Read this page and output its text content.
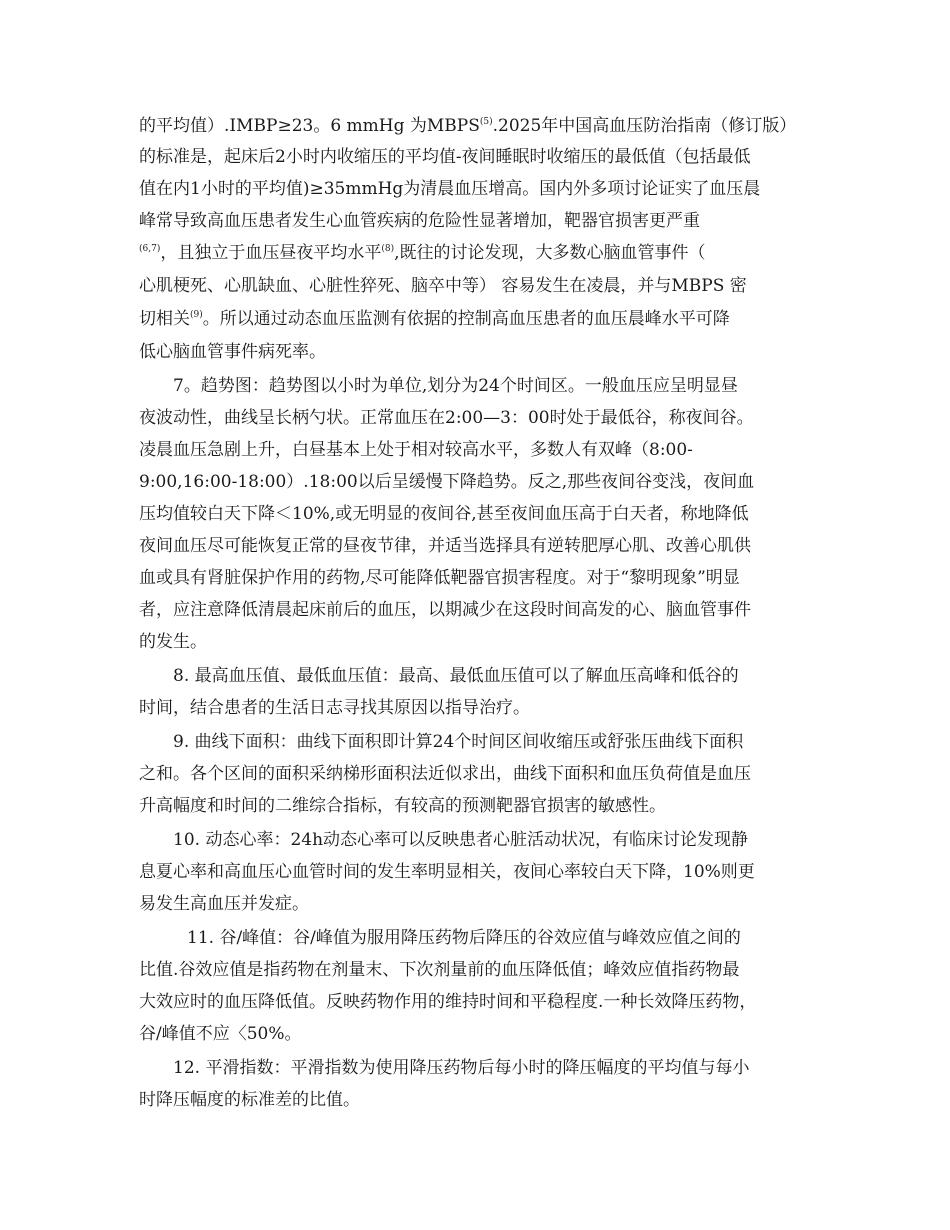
的平均值）.IMBP≥23。6 mmHg 为MBPS$^{(5)}$.2025年中国高血压防治指南（修订版）
的标准是，起床后2小时内收缩压的平均值-夜间睡眠时收缩压的最低值（包括最低
值在内1小时的平均值)≥35mmHg为清晨血压增高。国内外多项讨论证实了血压晨
峰常导致高血压患者发生心血管疾病的危险性显著增加，靶器官损害更严重
$^{(6,7)}$，且独立于血压昼夜平均水平$^{(8)}$,既往的讨论发现，大多数心脑血管事件（
心肌梗死、心肌缺血、心脏性猝死、脑卒中等） 容易发生在凌晨，并与MBPS 密
切相关$^{(9)}$。所以通过动态血压监测有依据的控制高血压患者的血压晨峰水平可降
低心脑血管事件病死率。
7。趋势图：趋势图以小时为单位,划分为24个时间区。一般血压应呈明显昼
夜波动性，曲线呈长柄勺状。正常血压在2:00—3：00时处于最低谷，称夜间谷。
凌晨血压急剧上升，白昼基本上处于相对较高水平，多数人有双峰（8:00-
9:00,16:00-18:00）.18:00以后呈缓慢下降趋势。反之,那些夜间谷变浅，夜间血
压均值较白天下降＜10%,或无明显的夜间谷,甚至夜间血压高于白天者，称地降低
夜间血压尽可能恢复正常的昼夜节律，并适当选择具有逆转肥厚心肌、改善心肌供
血或具有肾脏保护作用的药物,尽可能降低靶器官损害程度。对于“黎明现象”明显
者，应注意降低清晨起床前后的血压，以期减少在这段时间高发的心、脑血管事件
的发生。
8. 最高血压值、最低血压值：最高、最低血压值可以了解血压高峰和低谷的
时间，结合患者的生活日志寻找其原因以指导治疗。
9. 曲线下面积：曲线下面积即计算24个时间区间收缩压或舒张压曲线下面积
之和。各个区间的面积采纳梯形面积法近似求出，曲线下面积和血压负荷值是血压
升高幅度和时间的二维综合指标，有较高的预测靶器官损害的敏感性。
10. 动态心率：24h动态心率可以反映患者心脏活动状况，有临床讨论发现静
息夏心率和高血压心血管时间的发生率明显相关，夜间心率较白天下降，10%则更
易发生高血压并发症。
11. 谷/峰值：谷/峰值为服用降压药物后降压的谷效应值与峰效应值之间的
比值.谷效应值是指药物在剂量末、下次剂量前的血压降低值；峰效应值指药物最
大效应时的血压降低值。反映药物作用的维持时间和平稳程度.一种长效降压药物，
谷/峰值不应〈50%。
12. 平滑指数：平滑指数为使用降压药物后每小时的降压幅度的平均值与每小
时降压幅度的标准差的比值。
